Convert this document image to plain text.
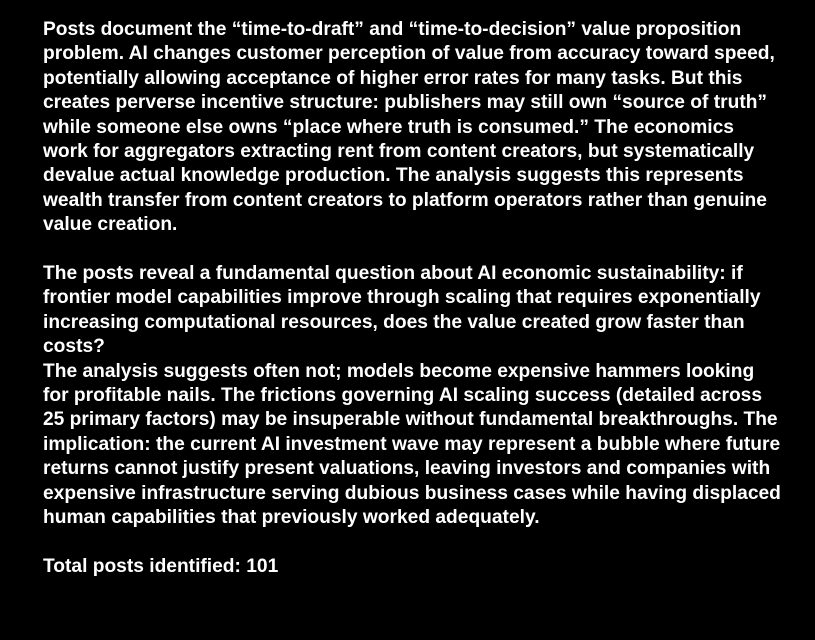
Posts document the “time-to-draft” and “time-to-decision” value proposition problem. AI changes customer perception of value from accuracy toward speed, potentially allowing acceptance of higher error rates for many tasks. But this creates perverse incentive structure: publishers may still own “source of truth” while someone else owns “place where truth is consumed.” The economics work for aggregators extracting rent from content creators, but systematically devalue actual knowledge production. The analysis suggests this represents wealth transfer from content creators to platform operators rather than genuine value creation.

The posts reveal a fundamental question about AI economic sustainability: if frontier model capabilities improve through scaling that requires exponentially increasing computational resources, does the value created grow faster than costs?

The analysis suggests often not; models become expensive hammers looking for profitable nails. The frictions governing AI scaling success (detailed across 25 primary factors) may be insuperable without fundamental breakthroughs. The implication: the current AI investment wave may represent a bubble where future returns cannot justify present valuations, leaving investors and companies with expensive infrastructure serving dubious business cases while having displaced human capabilities that previously worked adequately.

Total posts identified: 101
